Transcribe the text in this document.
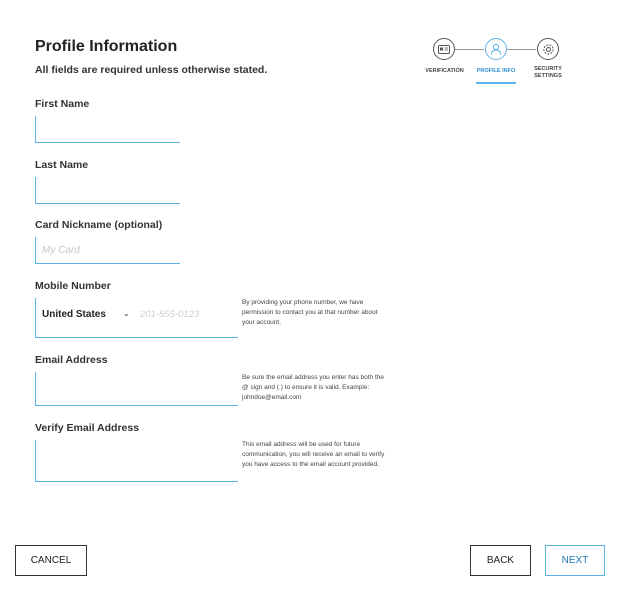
Profile Information
All fields are required unless otherwise stated.	VERIFICATION	PROFILE INFO	SECURITY
SETTINGS
First Name
Last Name
Card Nickname (optional)
My Card
Mobile Number
United States ⌄
201-555-0123
By providing your phone number, we have permission to contact you at that number about your account.
Email Address
Be sure the email address you enter has both the @ sign and (.) to ensure it is valid. Example: johndoe@email.com
Verify Email Address
This email address will be used for future communication, you will receive an email to verify you have access to the email account provided.
CANCEL	BACK	NEXT
